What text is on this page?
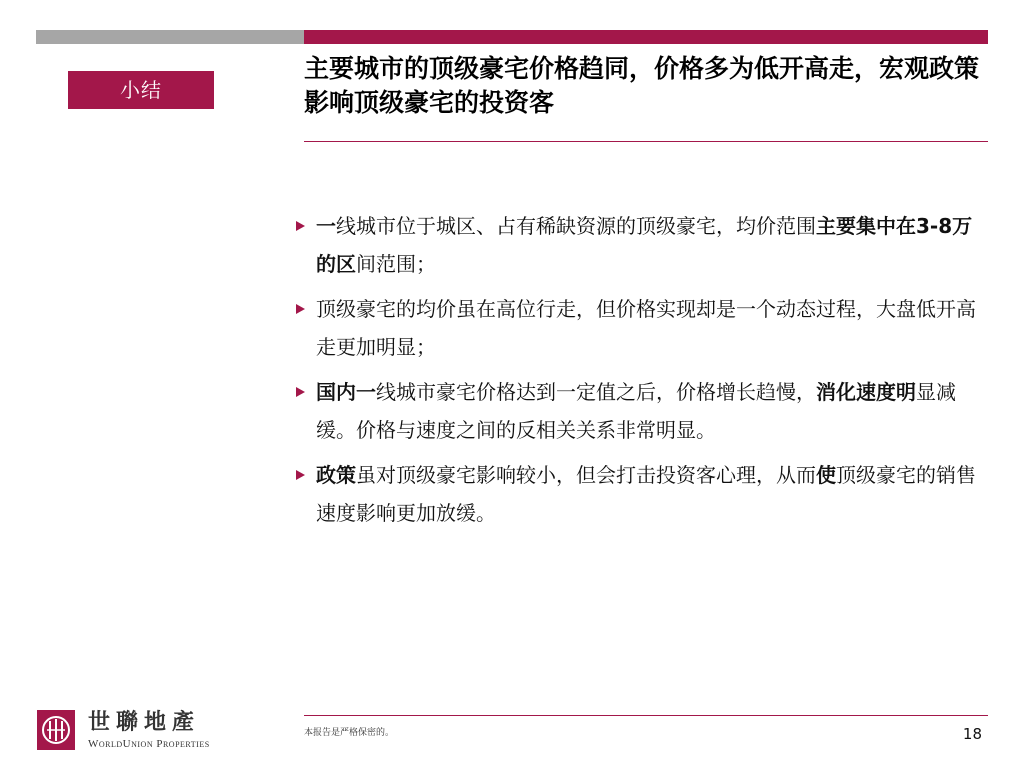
小结
主要城市的顶级豪宅价格趋同，价格多为低开高走，宏观政策影响顶级豪宅的投资客
一线城市位于城区、占有稀缺资源的顶级豪宅，均价范围主要集中在3-8万的区间范围；
顶级豪宅的均价虽在高位行走，但价格实现却是一个动态过程，大盘低开高走更加明显；
国内一线城市豪宅价格达到一定值之后，价格增长趋慢，消化速度明显减缓。价格与速度之间的反相关关系非常明显。
政策虽对顶级豪宅影响较小，但会打击投资客心理，从而使顶级豪宅的销售速度影响更加放缓。
世聯地產
WorldUnion Properties
本报告是严格保密的。	18
